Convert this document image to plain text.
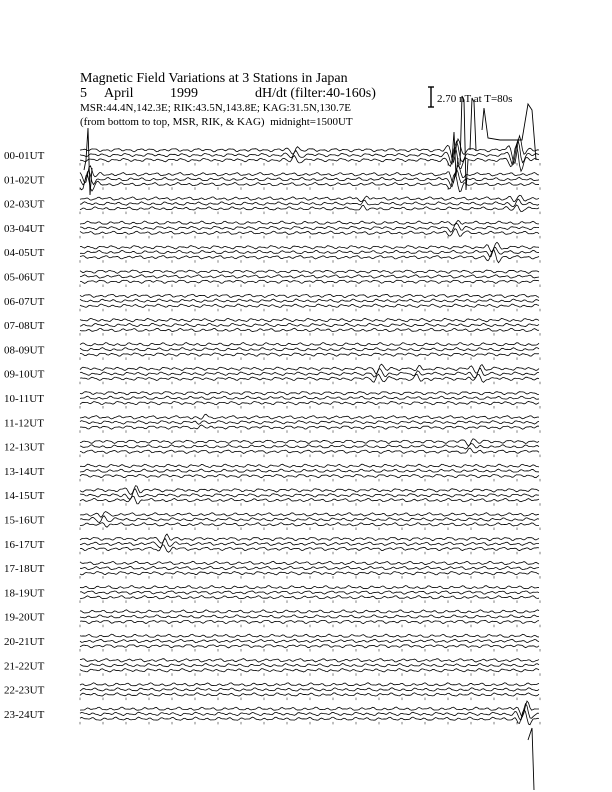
00-01UT
01-02UT
02-03UT
03-04UT
04-05UT
05-06UT
06-07UT
07-08UT
08-09UT
09-10UT
10-11UT
11-12UT
12-13UT
13-14UT
14-15UT
15-16UT
16-17UT
17-18UT
18-19UT
19-20UT
20-21UT
21-22UT
22-23UT
23-24UT
Magnetic Field Variations at 3 Stations in Japan
5 April	1999	dH/dt (filter:40-160s)
MSR:44.4N,142.3E; RIK:43.5N,143.8E; KAG:31.5N,130.7E
(from bottom to top, MSR, RIK, & KAG) midnight=1500UT
2.70 nT at T=80s
